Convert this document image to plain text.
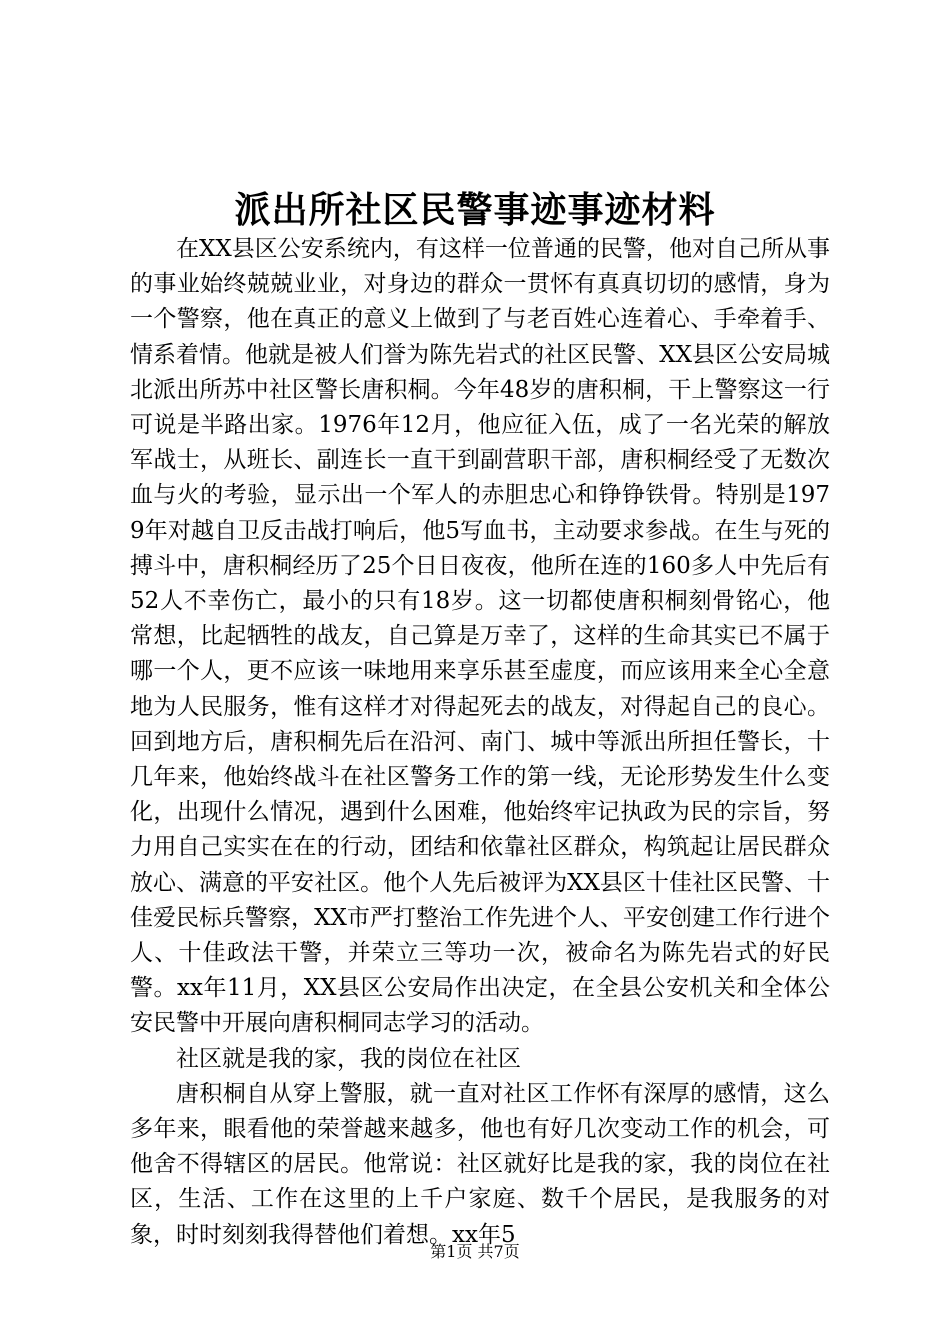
派出所社区民警事迹事迹材料

在XX县区公安系统内，有这样一位普通的民警，他对自己所从事的事业始终兢兢业业，对身边的群众一贯怀有真真切切的感情，身为一个警察，他在真正的意义上做到了与老百姓心连着心、手牵着手、情系着情。他就是被人们誉为陈先岩式的社区民警、XX县区公安局城北派出所苏中社区警长唐积桐。今年48岁的唐积桐，干上警察这一行可说是半路出家。1976年12月，他应征入伍，成了一名光荣的解放军战士，从班长、副连长一直干到副营职干部，唐积桐经受了无数次血与火的考验，显示出一个军人的赤胆忠心和铮铮铁骨。特别是1979年对越自卫反击战打响后，他5写血书，主动要求参战。在生与死的搏斗中，唐积桐经历了25个日日夜夜，他所在连的160多人中先后有52人不幸伤亡，最小的只有18岁。这一切都使唐积桐刻骨铭心，他常想，比起牺牲的战友，自己算是万幸了，这样的生命其实已不属于哪一个人，更不应该一味地用来享乐甚至虚度，而应该用来全心全意地为人民服务，惟有这样才对得起死去的战友，对得起自己的良心。回到地方后，唐积桐先后在沿河、南门、城中等派出所担任警长，十几年来，他始终战斗在社区警务工作的第一线，无论形势发生什么变化，出现什么情况，遇到什么困难，他始终牢记执政为民的宗旨，努力用自己实实在在的行动，团结和依靠社区群众，构筑起让居民群众放心、满意的平安社区。他个人先后被评为XX县区十佳社区民警、十佳爱民标兵警察，XX市严打整治工作先进个人、平安创建工作行进个人、十佳政法干警，并荣立三等功一次，被命名为陈先岩式的好民警。xx年11月，XX县区公安局作出决定，在全县公安机关和全体公安民警中开展向唐积桐同志学习的活动。

社区就是我的家，我的岗位在社区

唐积桐自从穿上警服，就一直对社区工作怀有深厚的感情，这么多年来，眼看他的荣誉越来越多，他也有好几次变动工作的机会，可他舍不得辖区的居民。他常说：社区就好比是我的家，我的岗位在社区，生活、工作在这里的上千户家庭、数千个居民，是我服务的对象，时时刻刻我得替他们着想。xx年5

第1页 共7页
